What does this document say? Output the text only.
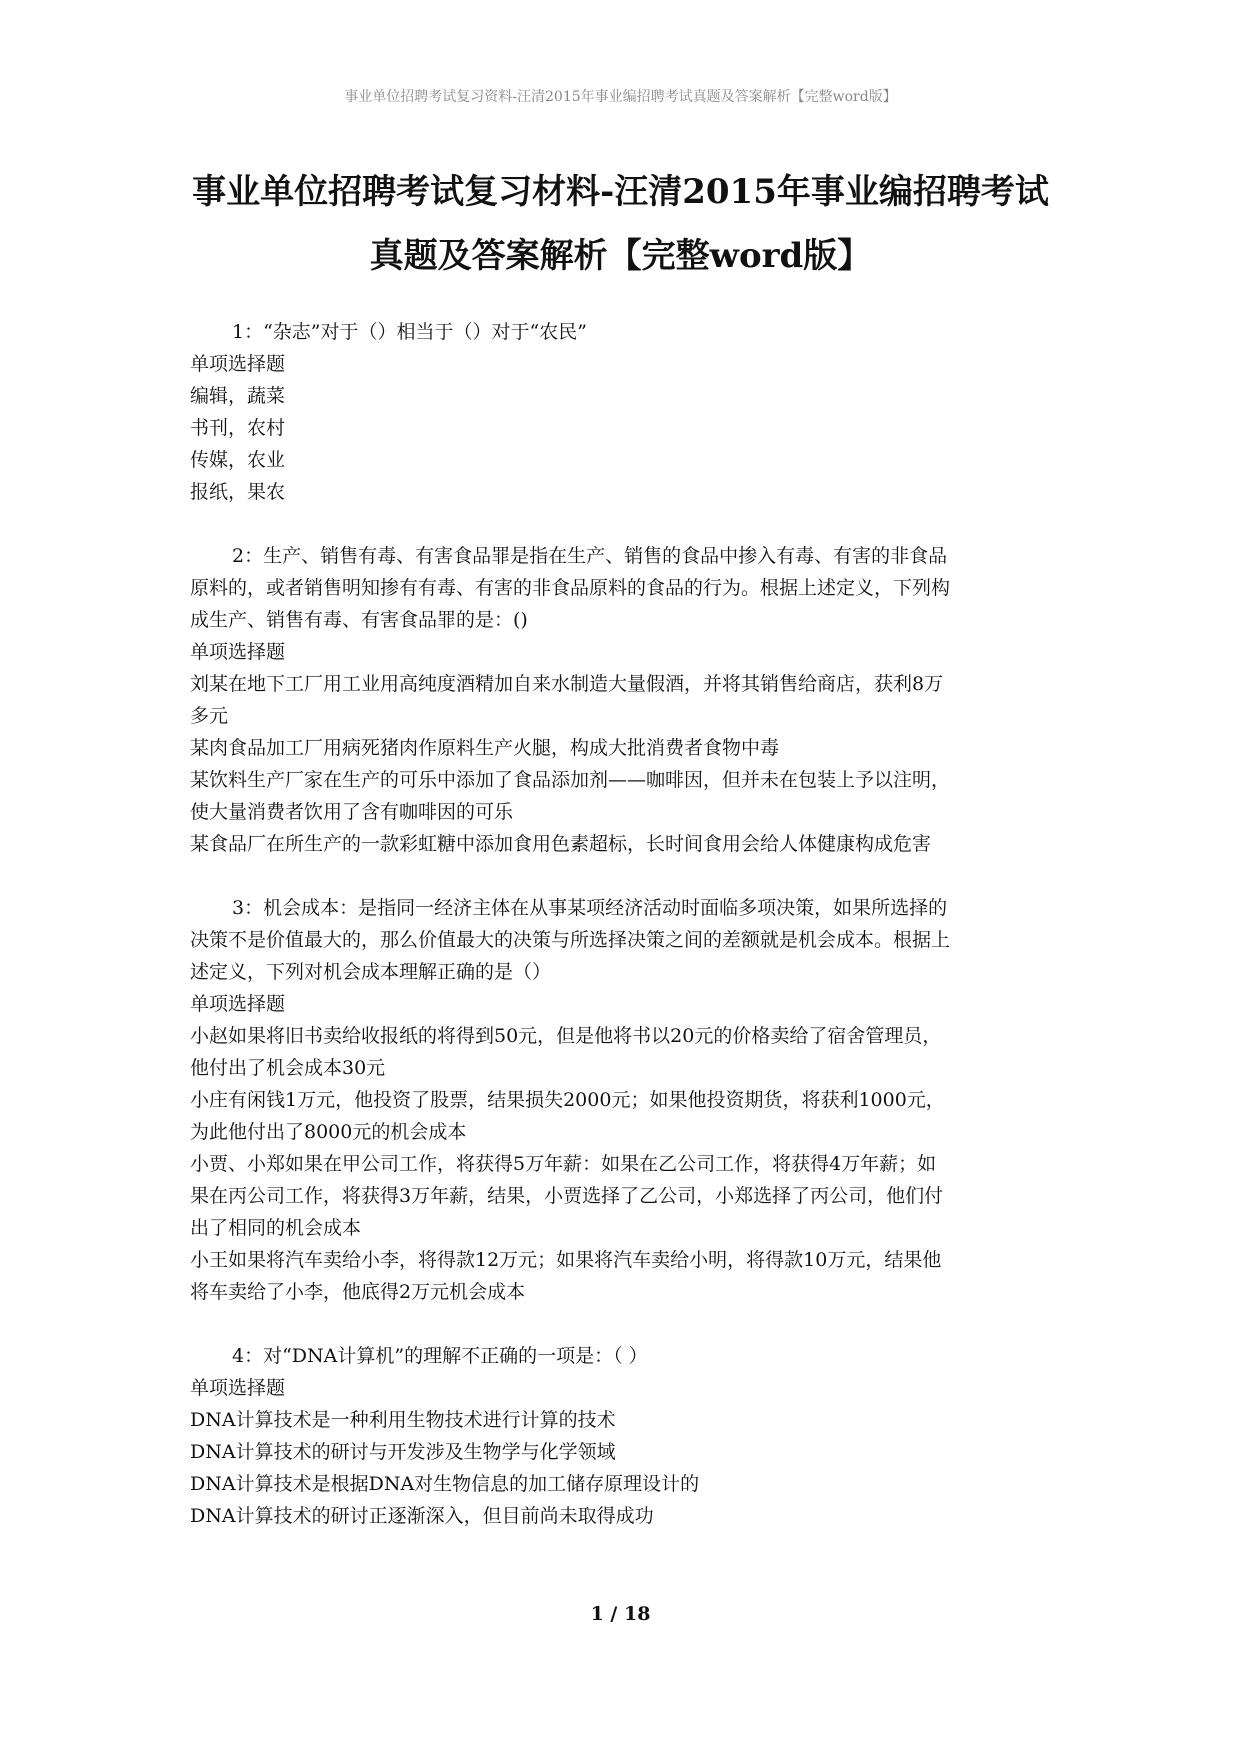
事业单位招聘考试复习资料-汪清2015年事业编招聘考试真题及答案解析【完整word版】
事业单位招聘考试复习材料-汪清2015年事业编招聘考试
真题及答案解析【完整word版】
1：“杂志”对于（）相当于（）对于“农民”
单项选择题
编辑，蔬菜
书刊，农村
传媒，农业
报纸，果农
2：生产、销售有毒、有害食品罪是指在生产、销售的食品中掺入有毒、有害的非食品
原料的，或者销售明知掺有有毒、有害的非食品原料的食品的行为。根据上述定义，下列构
成生产、销售有毒、有害食品罪的是：()
单项选择题
刘某在地下工厂用工业用高纯度酒精加自来水制造大量假酒，并将其销售给商店，获利8万
多元
某肉食品加工厂用病死猪肉作原料生产火腿，构成大批消费者食物中毒
某饮料生产厂家在生产的可乐中添加了食品添加剂——咖啡因，但并未在包装上予以注明，
使大量消费者饮用了含有咖啡因的可乐
某食品厂在所生产的一款彩虹糖中添加食用色素超标，长时间食用会给人体健康构成危害
3：机会成本：是指同一经济主体在从事某项经济活动时面临多项决策，如果所选择的
决策不是价值最大的，那么价值最大的决策与所选择决策之间的差额就是机会成本。根据上
述定义，下列对机会成本理解正确的是（）
单项选择题
小赵如果将旧书卖给收报纸的将得到50元，但是他将书以20元的价格卖给了宿舍管理员，
他付出了机会成本30元
小庄有闲钱1万元，他投资了股票，结果损失2000元；如果他投资期货，将获利1000元，
为此他付出了8000元的机会成本
小贾、小郑如果在甲公司工作，将获得5万年薪：如果在乙公司工作，将获得4万年薪；如
果在丙公司工作，将获得3万年薪，结果，小贾选择了乙公司，小郑选择了丙公司，他们付
出了相同的机会成本
小王如果将汽车卖给小李，将得款12万元；如果将汽车卖给小明，将得款10万元，结果他
将车卖给了小李，他底得2万元机会成本
4：对“DNA计算机”的理解不正确的一项是：（ ）
单项选择题
DNA计算技术是一种利用生物技术进行计算的技术
DNA计算技术的研讨与开发涉及生物学与化学领域
DNA计算技术是根据DNA对生物信息的加工储存原理设计的
DNA计算技术的研讨正逐渐深入，但目前尚未取得成功
1 / 18
